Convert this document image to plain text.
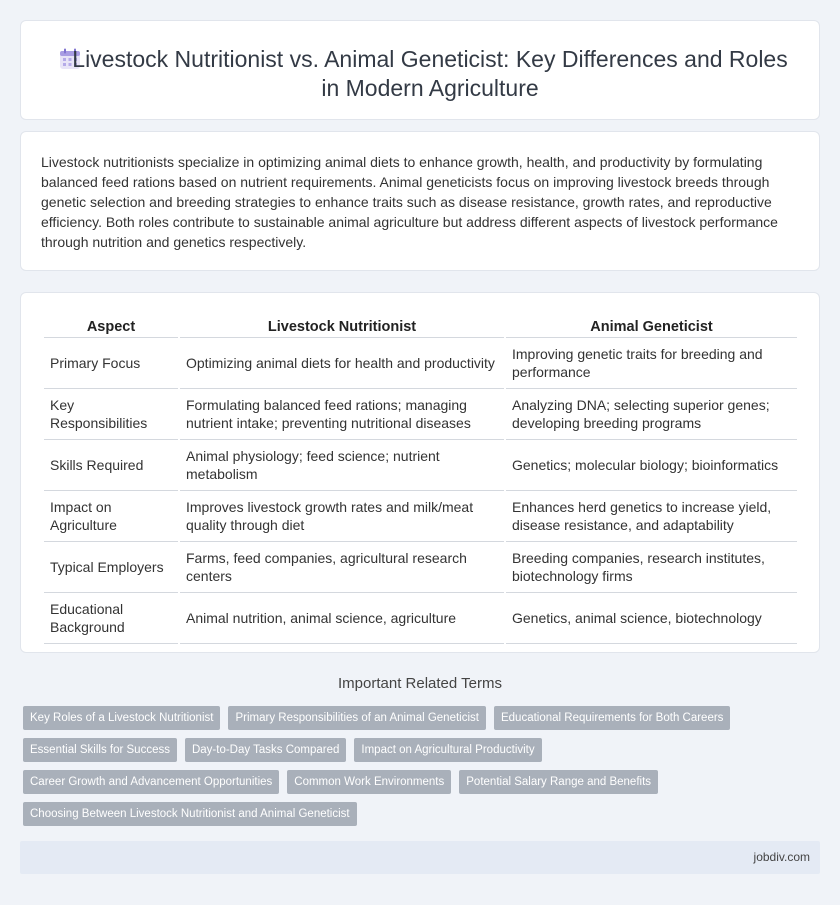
Livestock Nutritionist vs. Animal Geneticist: Key Differences and Roles in Modern Agriculture

Livestock nutritionists specialize in optimizing animal diets to enhance growth, health, and productivity by formulating balanced feed rations based on nutrient requirements. Animal geneticists focus on improving livestock breeds through genetic selection and breeding strategies to enhance traits such as disease resistance, growth rates, and reproductive efficiency. Both roles contribute to sustainable animal agriculture but address different aspects of livestock performance through nutrition and genetics respectively.

Aspect	Livestock Nutritionist	Animal Geneticist
Primary Focus	Optimizing animal diets for health and productivity	Improving genetic traits for breeding and performance
Key Responsibilities	Formulating balanced feed rations; managing nutrient intake; preventing nutritional diseases	Analyzing DNA; selecting superior genes; developing breeding programs
Skills Required	Animal physiology; feed science; nutrient metabolism	Genetics; molecular biology; bioinformatics
Impact on Agriculture	Improves livestock growth rates and milk/meat quality through diet	Enhances herd genetics to increase yield, disease resistance, and adaptability
Typical Employers	Farms, feed companies, agricultural research centers	Breeding companies, research institutes, biotechnology firms
Educational Background	Animal nutrition, animal science, agriculture	Genetics, animal science, biotechnology
Important Related Terms
Key Roles of a Livestock Nutritionist	Primary Responsibilities of an Animal Geneticist	Educational Requirements for Both Careers
Essential Skills for Success	Day-to-Day Tasks Compared	Impact on Agricultural Productivity
Career Growth and Advancement Opportunities	Common Work Environments	Potential Salary Range and Benefits
Choosing Between Livestock Nutritionist and Animal Geneticist
jobdiv.com
